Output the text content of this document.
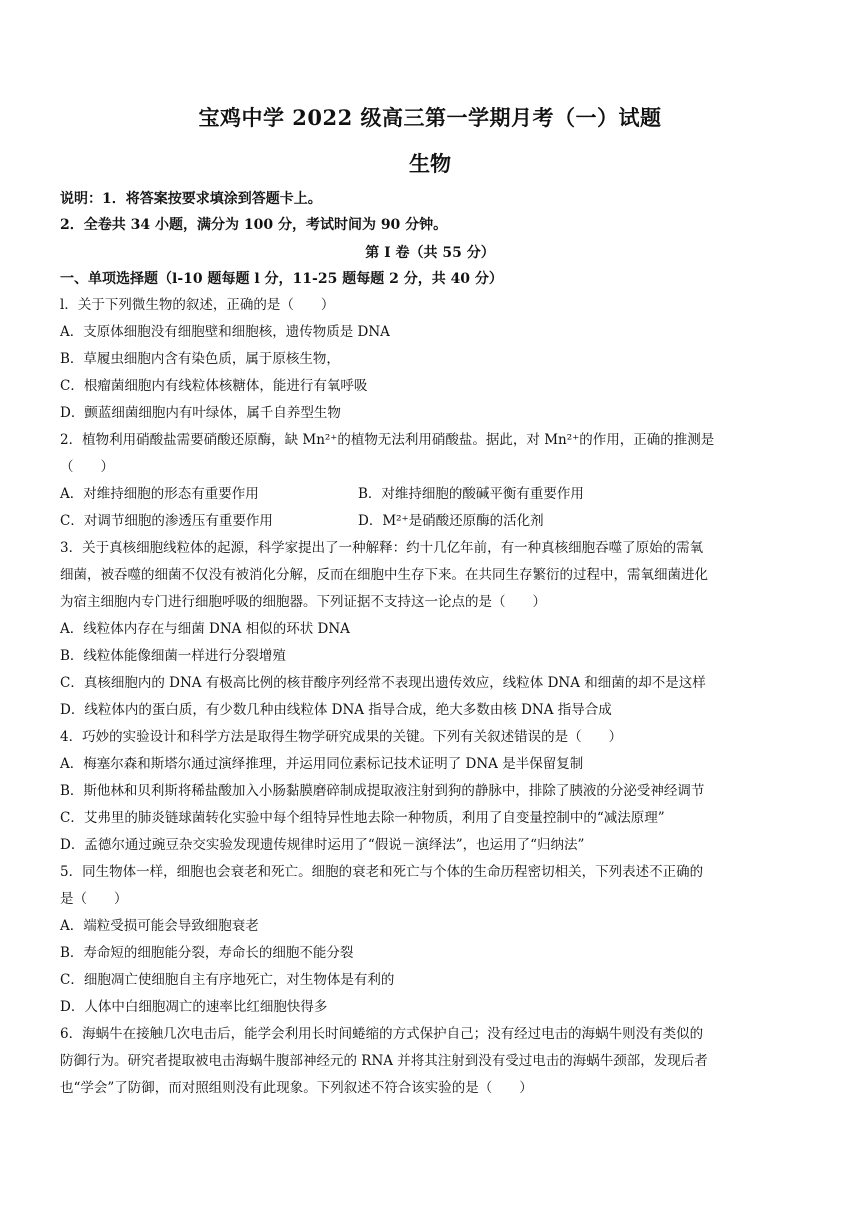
宝鸡中学 2022 级高三第一学期月考（一）试题
生物
说明：1．将答案按要求填涂到答题卡上。
2．全卷共 34 小题，满分为 100 分，考试时间为 90 分钟。
第 I 卷（共 55 分）
一、单项选择题（l-10 题每题 l 分，11-25 题每题 2 分，共 40 分）
l．关于下列微生物的叙述，正确的是（　　）
A．支原体细胞没有细胞壁和细胞核，遗传物质是 DNA
B．草履虫细胞内含有染色质，属于原核生物，
C．根瘤菌细胞内有线粒体核糖体，能进行有氧呼吸
D．颤蓝细菌细胞内有叶绿体，属千自养型生物
2．植物利用硝酸盐需要硝酸还原酶，缺 Mn²⁺的植物无法利用硝酸盐。据此，对 Mn²⁺的作用，正确的推测是
（　　）
A．对维持细胞的形态有重要作用	B．对维持细胞的酸碱平衡有重要作用
C．对调节细胞的渗透压有重要作用	D．M²⁺是硝酸还原酶的活化剂
3．关于真核细胞线粒体的起源，科学家提出了一种解释：约十几亿年前，有一种真核细胞吞噬了原始的需氧
细菌，被吞噬的细菌不仅没有被消化分解，反而在细胞中生存下来。在共同生存繁衍的过程中，需氧细菌进化
为宿主细胞内专门进行细胞呼吸的细胞器。下列证据不支持这一论点的是（　　）
A．线粒体内存在与细菌 DNA 相似的环状 DNA
B．线粒体能像细菌一样进行分裂增殖
C．真核细胞内的 DNA 有极高比例的核苷酸序列经常不表现出遗传效应，线粒体 DNA 和细菌的却不是这样
D．线粒体内的蛋白质，有少数几种由线粒体 DNA 指导合成，绝大多数由核 DNA 指导合成
4．巧妙的实验设计和科学方法是取得生物学研究成果的关键。下列有关叙述错误的是（　　）
A．梅塞尔森和斯塔尔通过演绎推理，并运用同位素标记技术证明了 DNA 是半保留复制
B．斯他林和贝利斯将稀盐酸加入小肠黏膜磨碎制成提取液注射到狗的静脉中，排除了胰液的分泌受神经调节
C．艾弗里的肺炎链球菌转化实验中每个组特异性地去除一种物质，利用了自变量控制中的“减法原理”
D．孟德尔通过豌豆杂交实验发现遗传规律时运用了“假说－演绎法”，也运用了“归纳法”
5．同生物体一样，细胞也会衰老和死亡。细胞的衰老和死亡与个体的生命历程密切相关，下列表述不正确的
是（　　）
A．端粒受损可能会导致细胞衰老
B．寿命短的细胞能分裂，寿命长的细胞不能分裂
C．细胞凋亡使细胞自主有序地死亡，对生物体是有利的
D．人体中白细胞凋亡的速率比红细胞快得多
6．海蜗牛在接触几次电击后，能学会利用长时间蜷缩的方式保护自己；没有经过电击的海蜗牛则没有类似的
防御行为。研究者提取被电击海蜗牛腹部神经元的 RNA 并将其注射到没有受过电击的海蜗牛颈部，发现后者
也“学会”了防御，而对照组则没有此现象。下列叙述不符合该实验的是（　　）
